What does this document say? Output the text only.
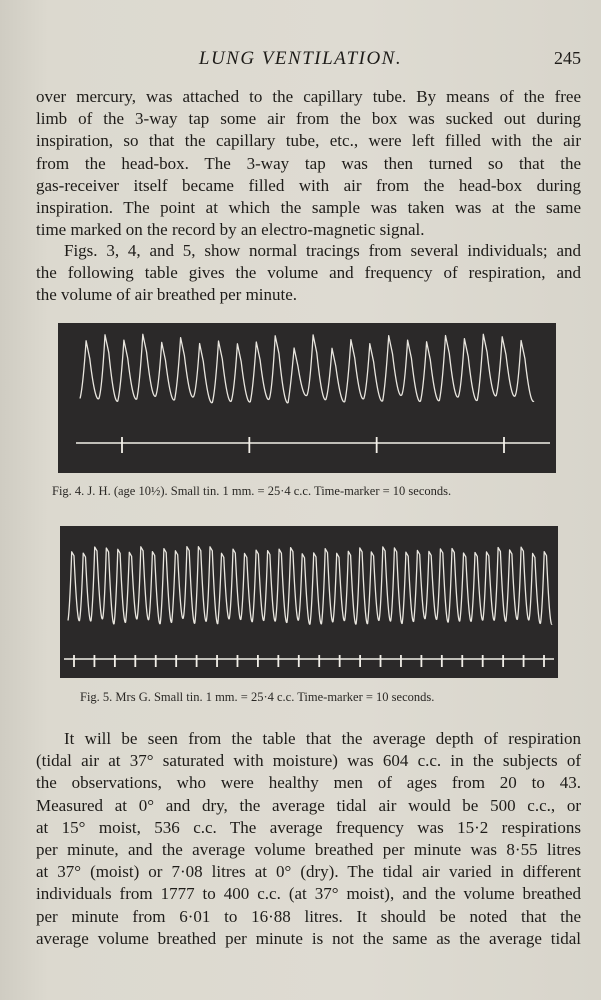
LUNG VENTILATION.	245
over mercury, was attached to the capillary tube. By means of the free
limb of the 3-way tap some air from the box was sucked out during
inspiration, so that the capillary tube, etc., were left filled with the air
from the head-box. The 3-way tap was then turned so that the
gas-receiver itself became filled with air from the head-box during
inspiration. The point at which the sample was taken was at the same
time marked on the record by an electro-magnetic signal.
Figs. 3, 4, and 5, show normal tracings from several individuals; and
the following table gives the volume and frequency of respiration, and
the volume of air breathed per minute.
Fig. 4. J. H. (age 10½). Small tin. 1 mm. = 25·4 c.c. Time-marker = 10 seconds.
Fig. 5. Mrs G. Small tin. 1 mm. = 25·4 c.c. Time-marker = 10 seconds.
It will be seen from the table that the average depth of respiration
(tidal air at 37° saturated with moisture) was 604 c.c. in the subjects of
the observations, who were healthy men of ages from 20 to 43.
Measured at 0° and dry, the average tidal air would be 500 c.c., or
at 15° moist, 536 c.c. The average frequency was 15·2 respirations
per minute, and the average volume breathed per minute was 8·55 litres
at 37° (moist) or 7·08 litres at 0° (dry). The tidal air varied in different
individuals from 1777 to 400 c.c. (at 37° moist), and the volume breathed
per minute from 6·01 to 16·88 litres. It should be noted that the
average volume breathed per minute is not the same as the average tidal
